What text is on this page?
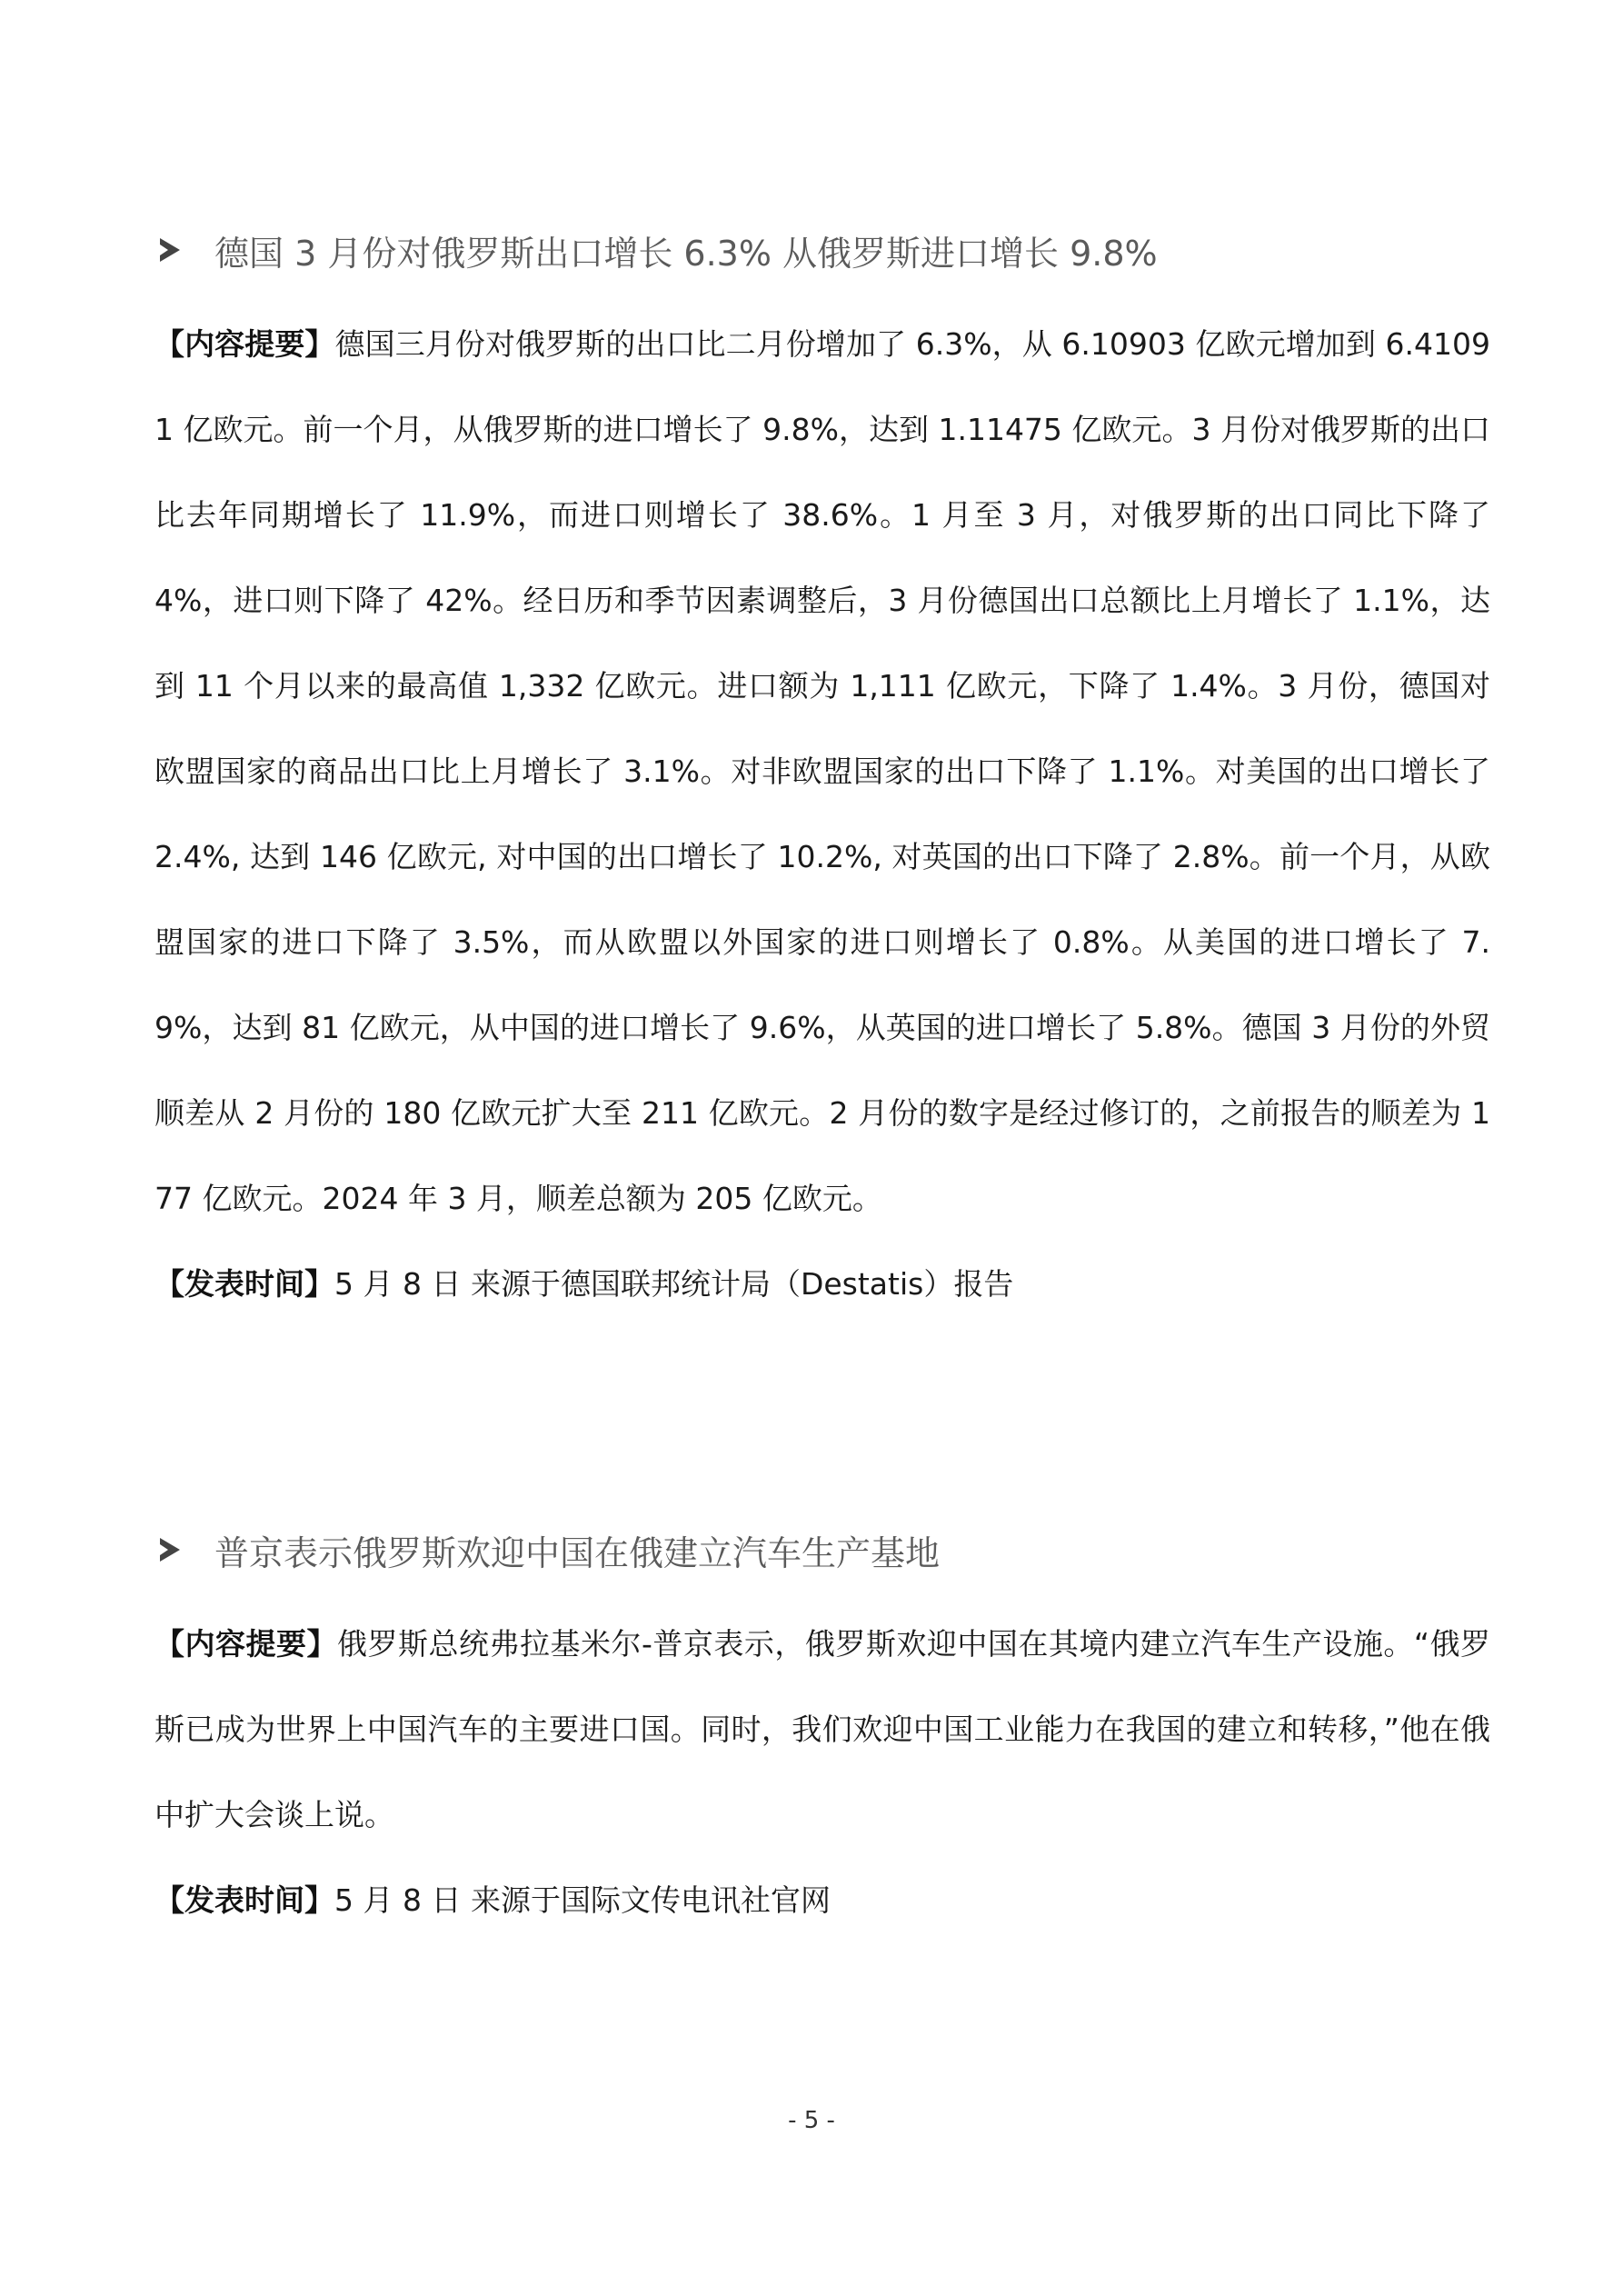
德国 3 月份对俄罗斯出口增长 6.3% 从俄罗斯进口增长 9.8%
【内容提要】德国三月份对俄罗斯的出口比二月份增加了 6.3%，从 6.10903 亿欧元增加到 6.41091 亿欧元。前一个月，从俄罗斯的进口增长了 9.8%，达到 1.11475 亿欧元。3 月份对俄罗斯的出口比去年同期增长了 11.9%，而进口则增长了 38.6%。1 月至 3 月，对俄罗斯的出口同比下降了 4%，进口则下降了 42%。经日历和季节因素调整后，3 月份德国出口总额比上月增长了 1.1%，达到 11 个月以来的最高值 1,332 亿欧元。进口额为 1,111 亿欧元，下降了 1.4%。3 月份，德国对欧盟国家的商品出口比上月增长了 3.1%。对非欧盟国家的出口下降了 1.1%。对美国的出口增长了 2.4%, 达到 146 亿欧元, 对中国的出口增长了 10.2%, 对英国的出口下降了 2.8%。前一个月，从欧盟国家的进口下降了 3.5%，而从欧盟以外国家的进口则增长了 0.8%。从美国的进口增长了 7.9%，达到 81 亿欧元，从中国的进口增长了 9.6%，从英国的进口增长了 5.8%。德国 3 月份的外贸顺差从 2 月份的 180 亿欧元扩大至 211 亿欧元。2 月份的数字是经过修订的，之前报告的顺差为 177 亿欧元。2024 年 3 月，顺差总额为 205 亿欧元。
【发表时间】5 月 8 日 来源于德国联邦统计局（Destatis）报告
普京表示俄罗斯欢迎中国在俄建立汽车生产基地
【内容提要】俄罗斯总统弗拉基米尔-普京表示，俄罗斯欢迎中国在其境内建立汽车生产设施。“俄罗斯已成为世界上中国汽车的主要进口国。同时，我们欢迎中国工业能力在我国的建立和转移，”他在俄中扩大会谈上说。
【发表时间】5 月 8 日 来源于国际文传电讯社官网
- 5 -
